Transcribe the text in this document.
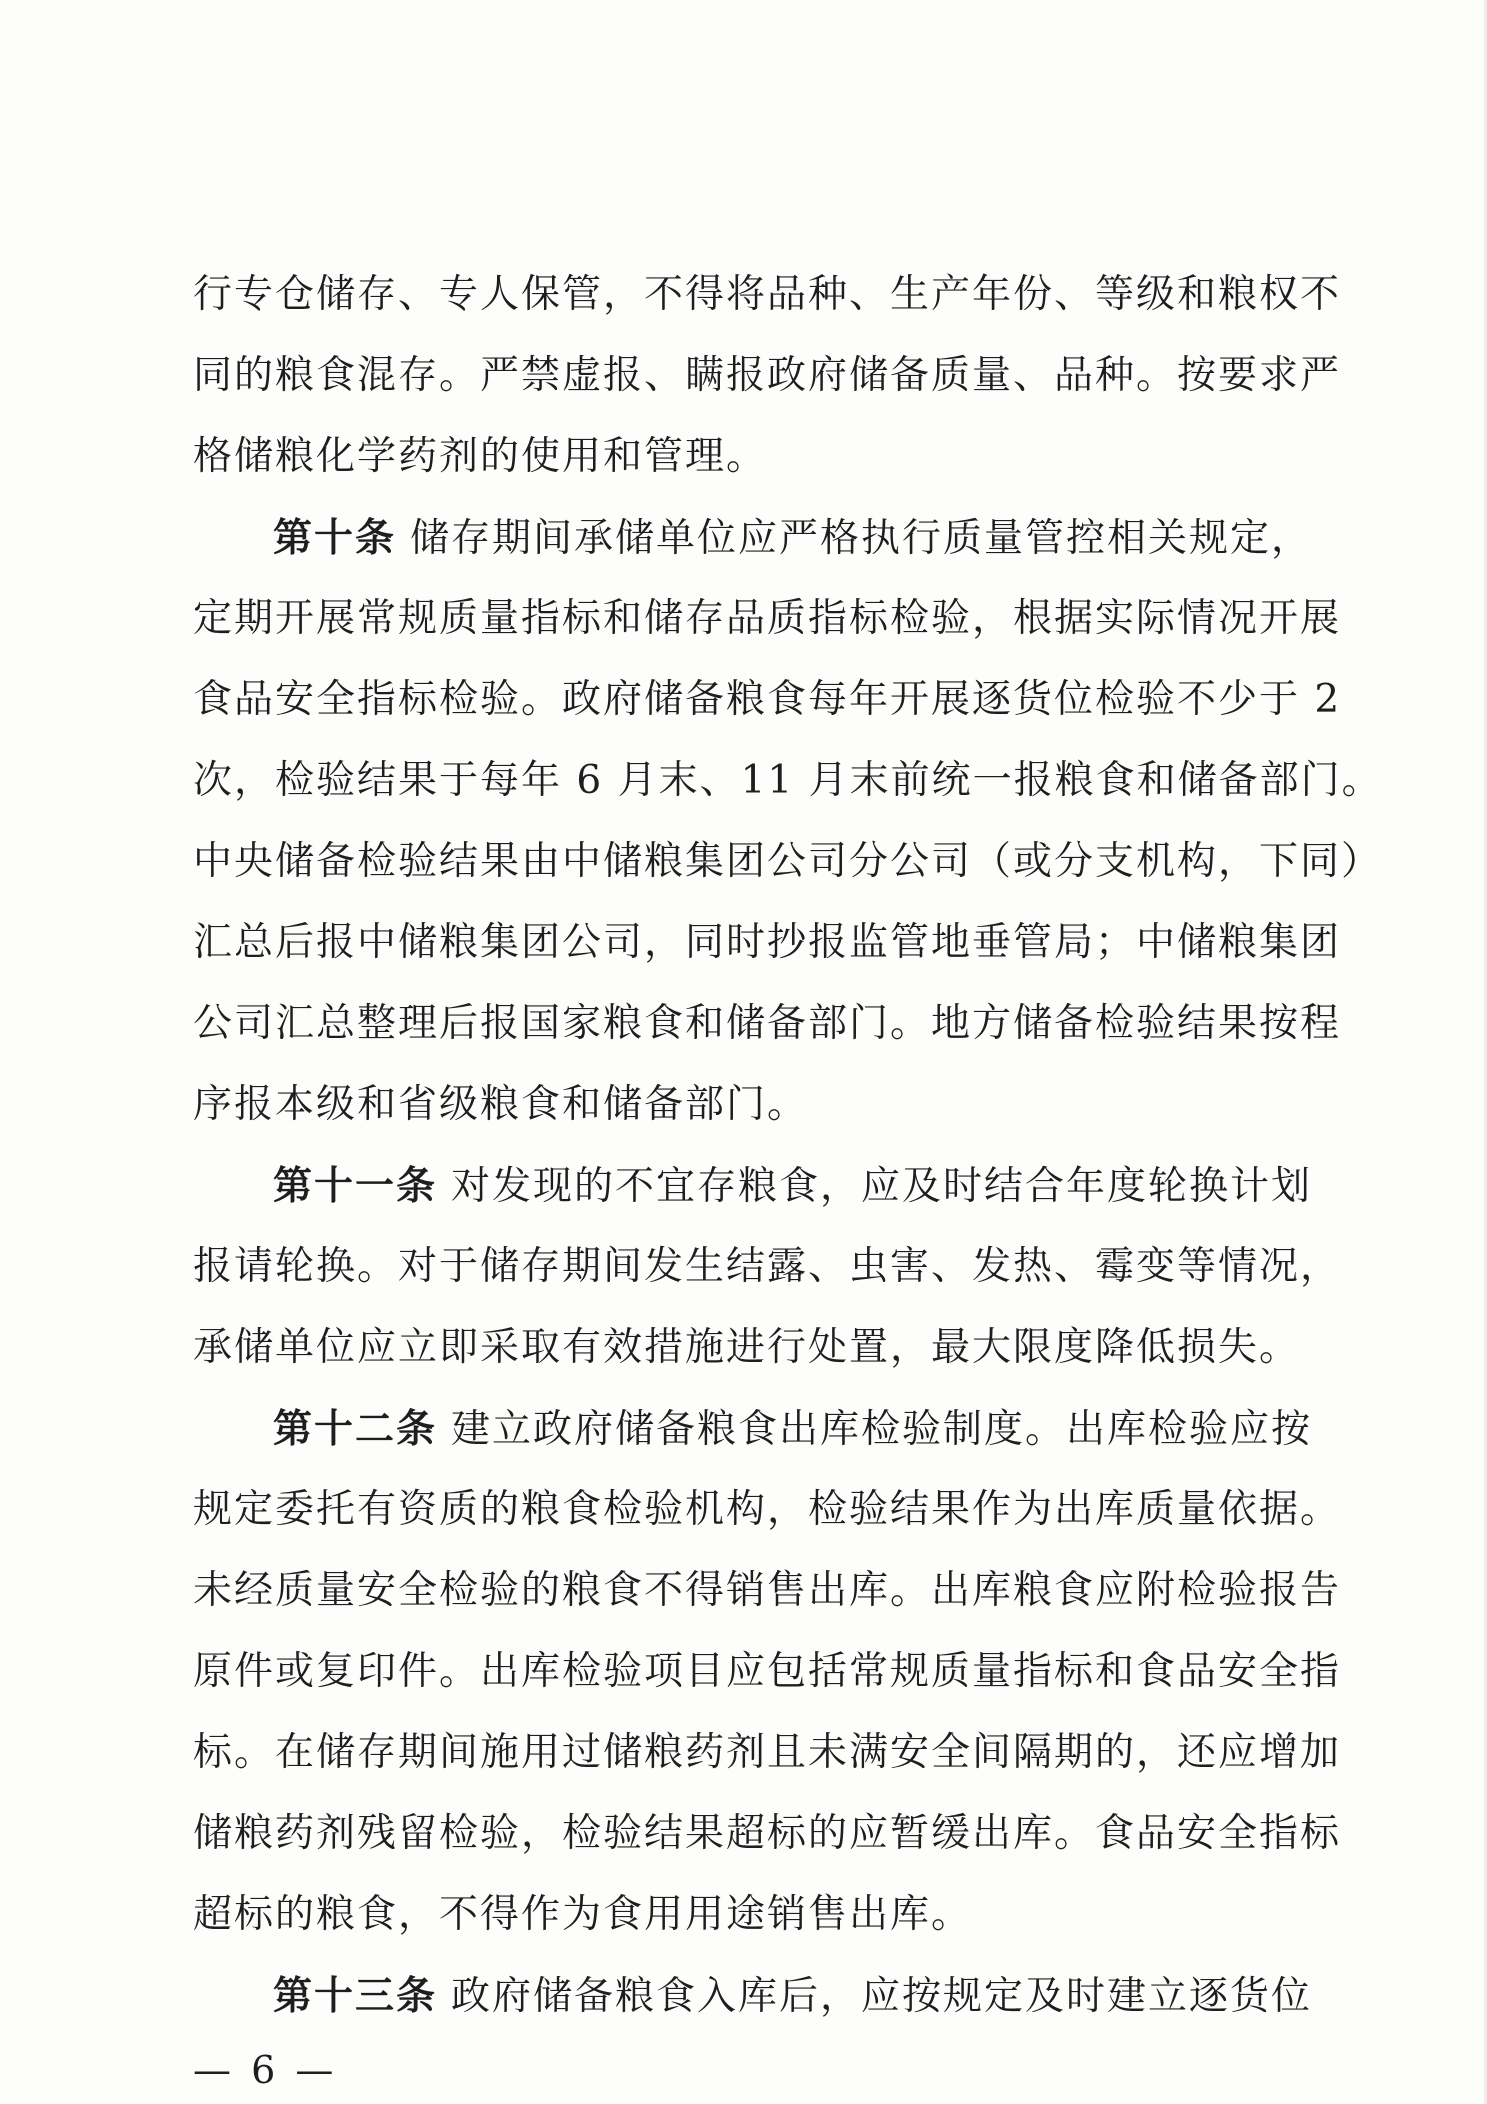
行专仓储存、专人保管，不得将品种、生产年份、等级和粮权不
同的粮食混存。严禁虚报、瞒报政府储备质量、品种。按要求严
格储粮化学药剂的使用和管理。
第十条 储存期间承储单位应严格执行质量管控相关规定，
定期开展常规质量指标和储存品质指标检验，根据实际情况开展
食品安全指标检验。政府储备粮食每年开展逐货位检验不少于 2
次，检验结果于每年 6 月末、11 月末前统一报粮食和储备部门。
中央储备检验结果由中储粮集团公司分公司（或分支机构，下同）
汇总后报中储粮集团公司，同时抄报监管地垂管局；中储粮集团
公司汇总整理后报国家粮食和储备部门。地方储备检验结果按程
序报本级和省级粮食和储备部门。
第十一条 对发现的不宜存粮食，应及时结合年度轮换计划
报请轮换。对于储存期间发生结露、虫害、发热、霉变等情况，
承储单位应立即采取有效措施进行处置，最大限度降低损失。
第十二条 建立政府储备粮食出库检验制度。出库检验应按
规定委托有资质的粮食检验机构，检验结果作为出库质量依据。
未经质量安全检验的粮食不得销售出库。出库粮食应附检验报告
原件或复印件。出库检验项目应包括常规质量指标和食品安全指
标。在储存期间施用过储粮药剂且未满安全间隔期的，还应增加
储粮药剂残留检验，检验结果超标的应暂缓出库。食品安全指标
超标的粮食，不得作为食用用途销售出库。
第十三条 政府储备粮食入库后，应按规定及时建立逐货位
— 6 —
